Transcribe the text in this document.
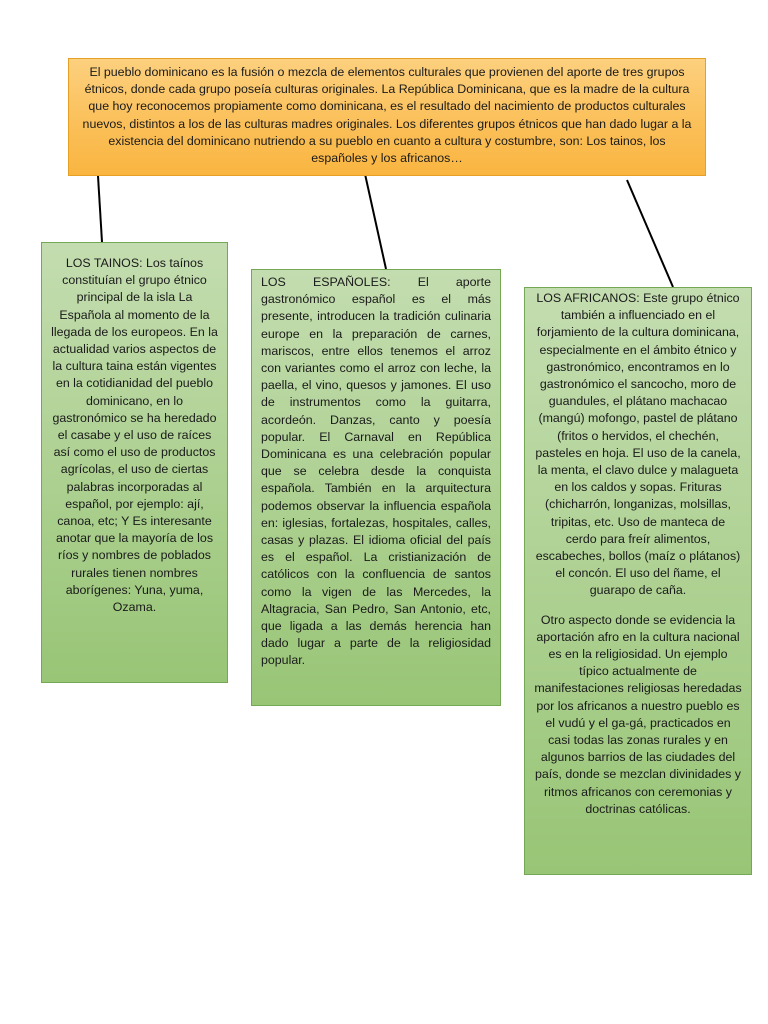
El pueblo dominicano es la fusión o mezcla de elementos culturales que provienen del aporte de tres grupos étnicos, donde cada grupo poseía culturas originales. La República Dominicana, que es la madre de la cultura que hoy reconocemos propiamente como dominicana, es el resultado del nacimiento de productos culturales nuevos, distintos a los de las culturas madres originales. Los diferentes grupos étnicos que han dado lugar a la existencia del dominicano nutriendo a su pueblo en cuanto a cultura y costumbre, son: Los tainos, los españoles y los africanos…

LOS TAINOS: Los taínos constituían el grupo étnico principal de la isla La Española al momento de la llegada de los europeos. En la actualidad varios aspectos de la cultura taina están vigentes en la cotidianidad del pueblo dominicano, en lo gastronómico se ha heredado el casabe y el uso de raíces así como el uso de productos agrícolas, el uso de ciertas palabras incorporadas al español, por ejemplo: ají, canoa, etc; Y Es interesante anotar que la mayoría de los ríos y nombres de poblados rurales tienen nombres aborígenes: Yuna, yuma, Ozama.

LOS ESPAÑOLES: El aporte gastronómico español es el más presente, introducen la tradición culinaria europe en la preparación de carnes, mariscos, entre ellos tenemos el arroz con variantes como el arroz con leche, la paella, el vino, quesos y jamones. El uso de instrumentos como la guitarra, acordeón. Danzas, canto y poesía popular. El Carnaval en República Dominicana es una celebración popular que se celebra desde la conquista española. También en la arquitectura podemos observar la influencia española en: iglesias, fortalezas, hospitales, calles, casas y plazas. El idioma oficial del país es el español. La cristianización de católicos con la confluencia de santos como la vigen de las Mercedes, la Altagracia, San Pedro, San Antonio, etc, que ligada a las demás herencia han dado lugar a parte de la religiosidad popular.

LOS AFRICANOS: Este grupo étnico también a influenciado en el forjamiento de la cultura dominicana, especialmente en el ámbito étnico y gastronómico, encontramos en lo gastronómico el sancocho, moro de guandules, el plátano machacao (mangú) mofongo, pastel de plátano (fritos o hervidos, el chechén, pasteles en hoja. El uso de la canela, la menta, el clavo dulce y malagueta en los caldos y sopas. Frituras (chicharrón, longanizas, molsillas, tripitas, etc. Uso de manteca de cerdo para freír alimentos, escabeches, bollos (maíz o plátanos) el concón. El uso del ñame, el guarapo de caña.

Otro aspecto donde se evidencia la aportación afro en la cultura nacional es en la religiosidad. Un ejemplo típico actualmente de manifestaciones religiosas heredadas por los africanos a nuestro pueblo es el vudú y el ga-gá, practicados en casi todas las zonas rurales y en algunos barrios de las ciudades del país, donde se mezclan divinidades y ritmos africanos con ceremonias y doctrinas católicas.
